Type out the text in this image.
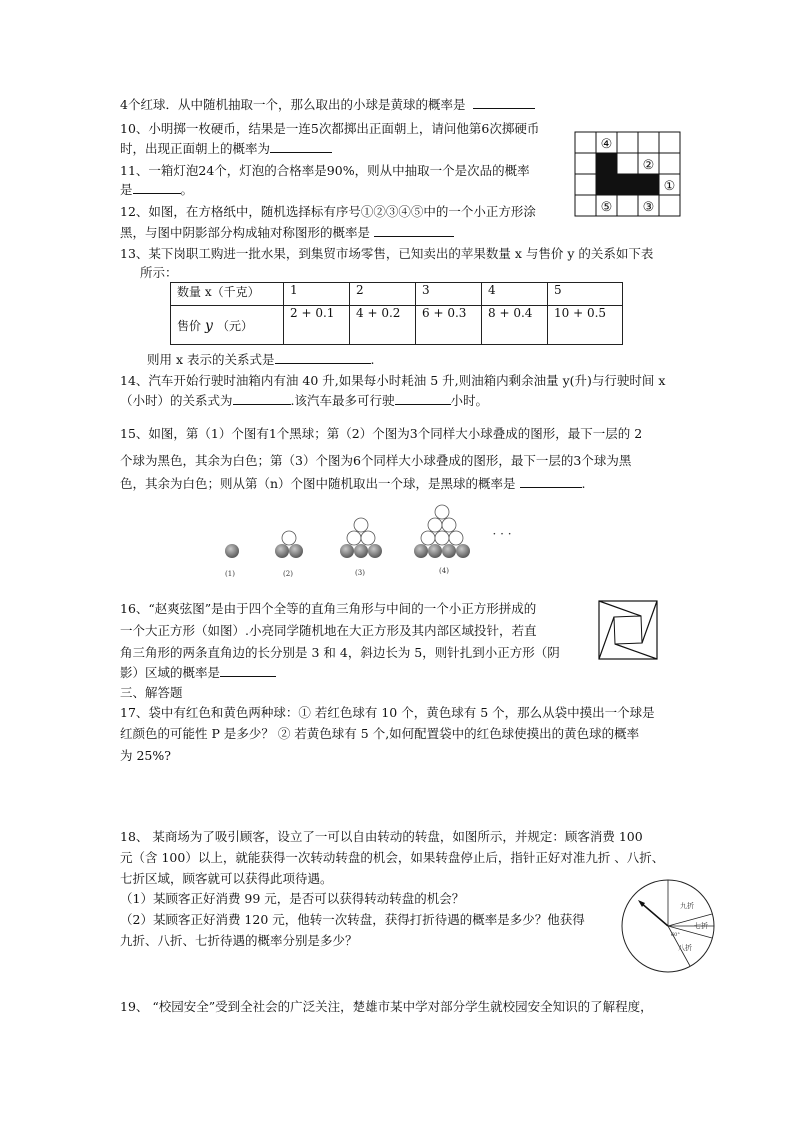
4个红球．从中随机抽取一个，那么取出的小球是黄球的概率是
10、小明掷一枚硬币，结果是一连5次都掷出正面朝上，请问他第6次掷硬币
时，出现正面朝上的概率为
11、一箱灯泡24个，灯泡的合格率是90%，则从中抽取一个是次品的概率
是	。
12、如图，在方格纸中，随机选择标有序号①②③④⑤中的一个小正方形涂
黑，与图中阴影部分构成轴对称图形的概率是
④
②
①
⑤ ③
13、某下岗职工购进一批水果，到集贸市场零售，已知卖出的苹果数量 x 与售价 y 的关系如下表
所示：
数量 x（千克）	1	2	3	4	5
售价 y （元）	2 + 0.1	4 + 0.2	6 + 0.3	8 + 0.4	10 + 0.5
则用 x 表示的关系式是	.
14、汽车开始行驶时油箱内有油 40 升,如果每小时耗油 5 升,则油箱内剩余油量 y(升)与行驶时间 x
（小时）的关系式为	.该汽车最多可行驶	小时。
15、如图，第（1）个图有1个黑球；第（2）个图为3个同样大小球叠成的图形，最下一层的 2
个球为黑色，其余为白色；第（3）个图为6个同样大小球叠成的图形，最下一层的3个球为黑
色，其余为白色；则从第（n）个图中随机取出一个球，是黑球的概率是	.
(1)	(2)	(3)	(4)
· · ·
16、“赵爽弦图”是由于四个全等的直角三角形与中间的一个小正方形拼成的
一个大正方形（如图）.小亮同学随机地在大正方形及其内部区域投针，若直
角三角形的两条直角边的长分别是 3 和 4，斜边长为 5，则针扎到小正方形（阴
影）区域的概率是
三、解答题
17、袋中有红色和黄色两种球：① 若红色球有 10 个，黄色球有 5 个，那么从袋中摸出一个球是
红颜色的可能性 P 是多少？ ② 若黄色球有 5 个,如何配置袋中的红色球使摸出的黄色球的概率
为 25%?
18、 某商场为了吸引顾客，设立了一可以自由转动的转盘，如图所示，并规定：顾客消费 100
元（含 100）以上，就能获得一次转动转盘的机会，如果转盘停止后，指针正好对准九折 、八折、
七折区域，顾客就可以获得此项待遇。
（1）某顾客正好消费 99 元，是否可以获得转动转盘的机会？
（2）某顾客正好消费 120 元，他转一次转盘，获得打折待遇的概率是多少？他获得
九折、八折、七折待遇的概率分别是多少？
九折
七折
八折
60°
19、 “校园安全”受到全社会的广泛关注，楚雄市某中学对部分学生就校园安全知识的了解程度，
